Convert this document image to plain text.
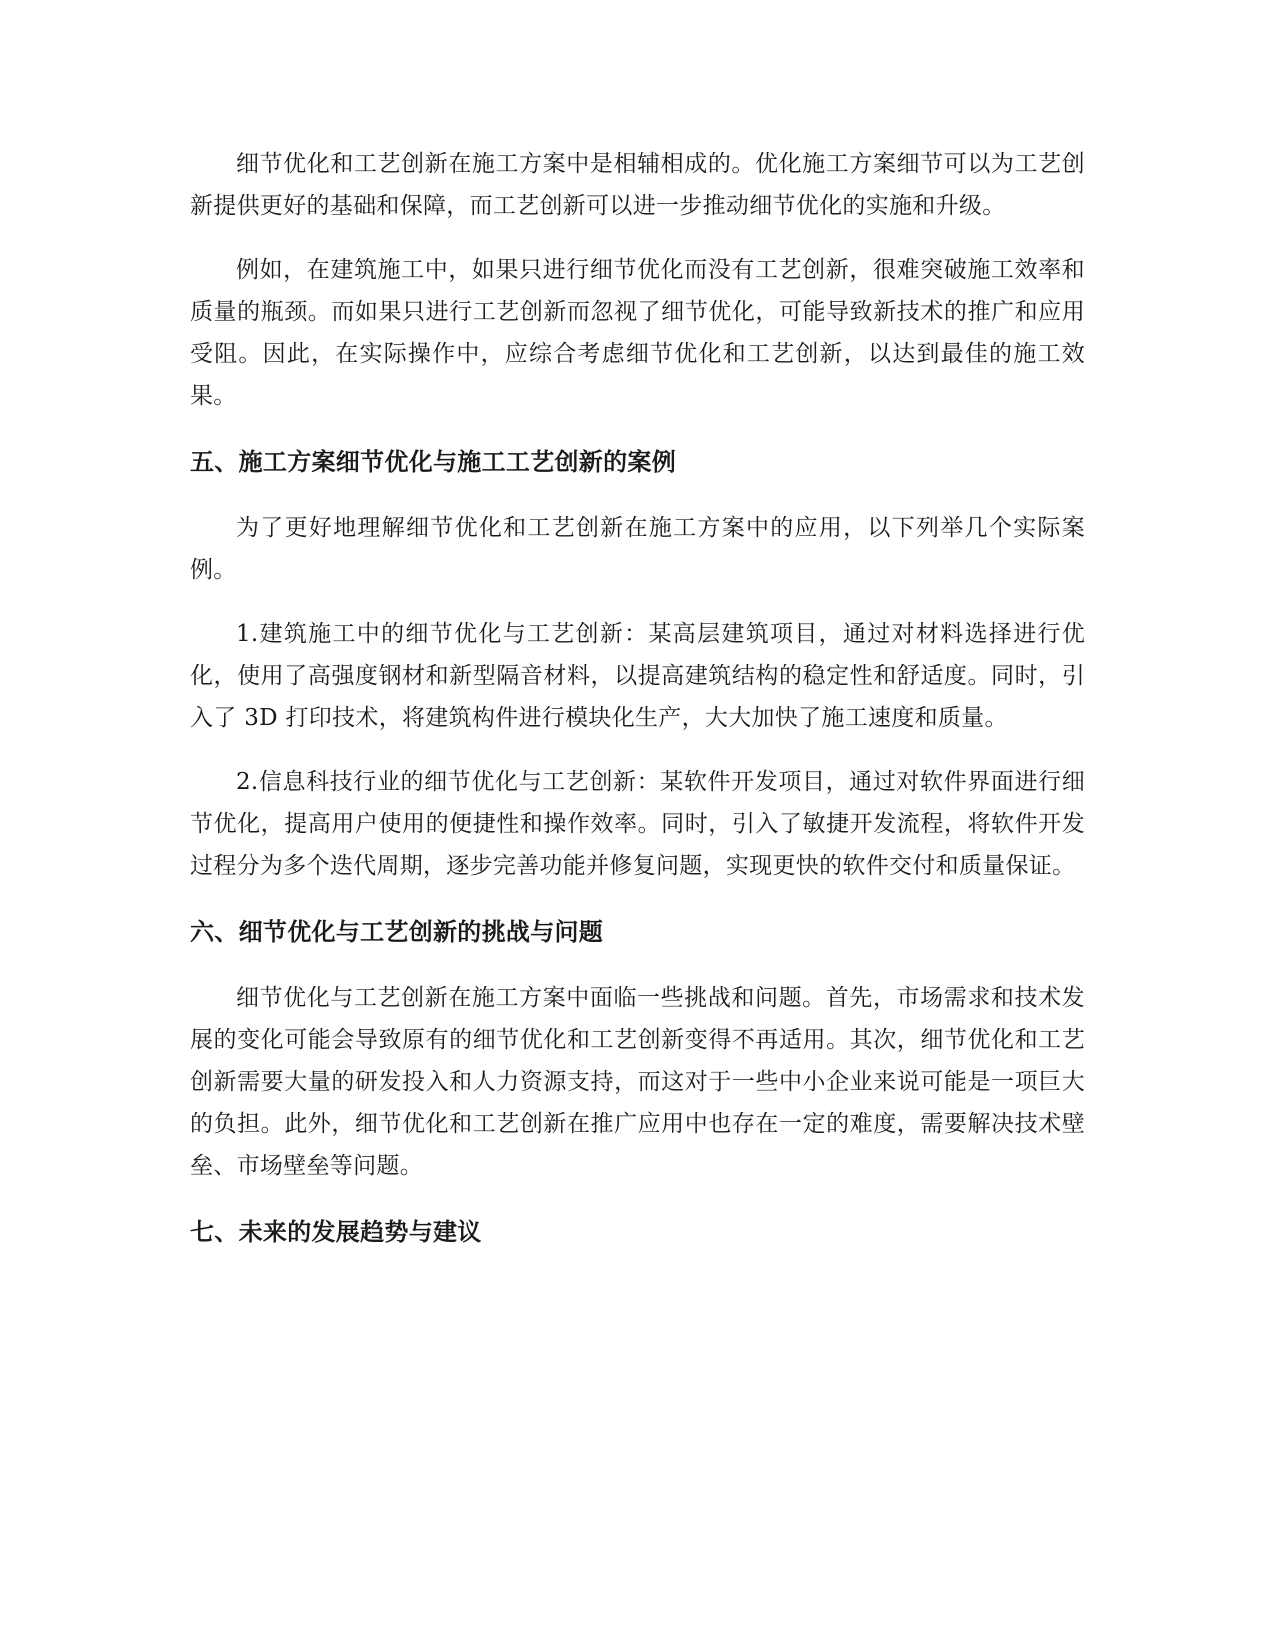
细节优化和工艺创新在施工方案中是相辅相成的。优化施工方案细节可以为工艺创新提供更好的基础和保障，而工艺创新可以进一步推动细节优化的实施和升级。

例如，在建筑施工中，如果只进行细节优化而没有工艺创新，很难突破施工效率和质量的瓶颈。而如果只进行工艺创新而忽视了细节优化，可能导致新技术的推广和应用受阻。因此，在实际操作中，应综合考虑细节优化和工艺创新，以达到最佳的施工效果。

五、施工方案细节优化与施工工艺创新的案例

为了更好地理解细节优化和工艺创新在施工方案中的应用，以下列举几个实际案例。

1.建筑施工中的细节优化与工艺创新：某高层建筑项目，通过对材料选择进行优化，使用了高强度钢材和新型隔音材料，以提高建筑结构的稳定性和舒适度。同时，引入了 3D 打印技术，将建筑构件进行模块化生产，大大加快了施工速度和质量。

2.信息科技行业的细节优化与工艺创新：某软件开发项目，通过对软件界面进行细节优化，提高用户使用的便捷性和操作效率。同时，引入了敏捷开发流程，将软件开发过程分为多个迭代周期，逐步完善功能并修复问题，实现更快的软件交付和质量保证。

六、细节优化与工艺创新的挑战与问题

细节优化与工艺创新在施工方案中面临一些挑战和问题。首先，市场需求和技术发展的变化可能会导致原有的细节优化和工艺创新变得不再适用。其次，细节优化和工艺创新需要大量的研发投入和人力资源支持，而这对于一些中小企业来说可能是一项巨大的负担。此外，细节优化和工艺创新在推广应用中也存在一定的难度，需要解决技术壁垒、市场壁垒等问题。

七、未来的发展趋势与建议
